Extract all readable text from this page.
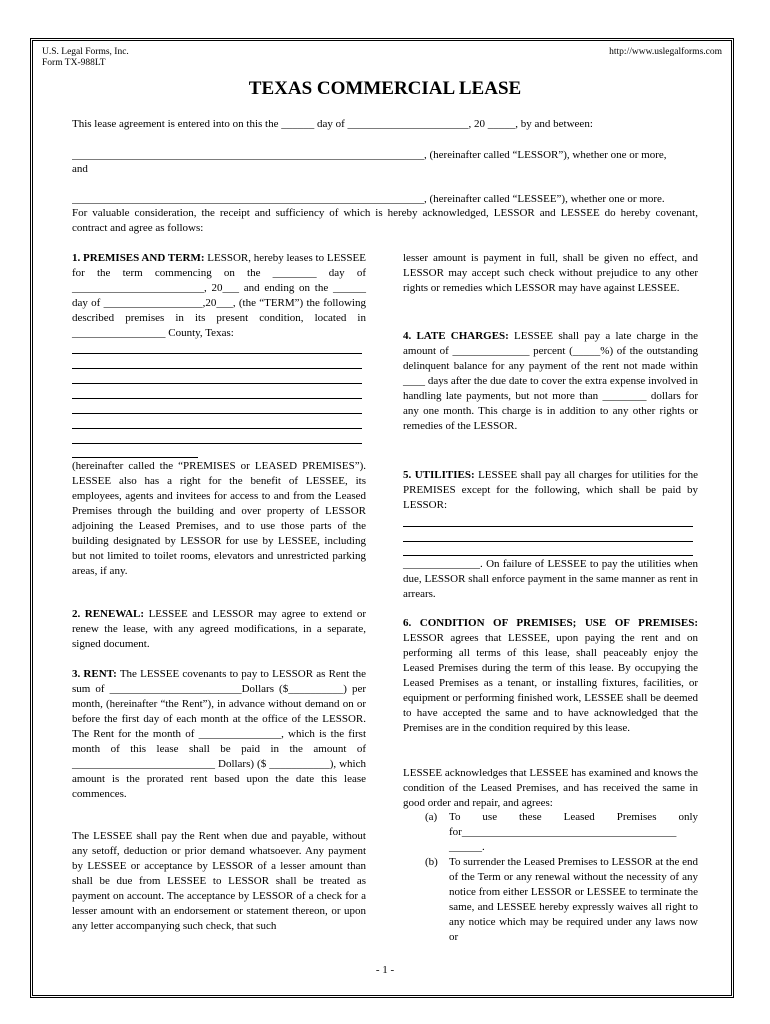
U.S. Legal Forms, Inc.
Form TX-988LT
http://www.uslegalforms.com
TEXAS COMMERCIAL LEASE

This lease agreement is entered into on this the ______ day of ______________________, 20 _____, by and between:

________________________________________________________________, (hereinafter called “LESSOR”), whether one or more,

and

________________________________________________________________, (hereinafter called “LESSEE”), whether one or more.

For valuable consideration, the receipt and sufficiency of which is hereby acknowledged, LESSOR and LESSEE do hereby covenant, contract and agree as follows:

1. PREMISES AND TERM: LESSOR, hereby leases to LESSEE for the term commencing on the ________ day of ________________________, 20___ and ending on the ______ day of __________________,20___, (the “TERM”) the following described premises in its present condition, located in _________________ County, Texas:

(hereinafter called the “PREMISES or LEASED PREMISES”). LESSEE also has a right for the benefit of LESSEE, its employees, agents and invitees for access to and from the Leased Premises through the building and over property of LESSOR adjoining the Leased Premises, and to use those parts of the building designated by LESSOR for use by LESSEE, including but not limited to toilet rooms, elevators and unrestricted parking areas, if any.

2. RENEWAL: LESSEE and LESSOR may agree to extend or renew the lease, with any agreed modifications, in a separate, signed document.

3. RENT: The LESSEE covenants to pay to LESSOR as Rent the sum of ________________________Dollars ($__________) per month, (hereinafter “the Rent”), in advance without demand on or before the first day of each month at the office of the LESSOR. The Rent for the month of _______________, which is the first month of this lease shall be paid in the amount of __________________________ Dollars) ($ ___________), which amount is the prorated rent based upon the date this lease commences.

The LESSEE shall pay the Rent when due and payable, without any setoff, deduction or prior demand whatsoever. Any payment by LESSEE or acceptance by LESSOR of a lesser amount than shall be due from LESSEE to LESSOR shall be treated as payment on account. The acceptance by LESSOR of a check for a lesser amount with an endorsement or statement thereon, or upon any letter accompanying such check, that such

lesser amount is payment in full, shall be given no effect, and LESSOR may accept such check without prejudice to any other rights or remedies which LESSOR may have against LESSEE.

4. LATE CHARGES: LESSEE shall pay a late charge in the amount of ______________ percent (_____%) of the outstanding delinquent balance for any payment of the rent not made within ____ days after the due date to cover the extra expense involved in handling late payments, but not more than ________ dollars for any one month. This charge is in addition to any other rights or remedies of the LESSOR.

5. UTILITIES: LESSEE shall pay all charges for utilities for the PREMISES except for the following, which shall be paid by LESSOR:

______________. On failure of LESSEE to pay the utilities when due, LESSOR shall enforce payment in the same manner as rent in arrears.

6. CONDITION OF PREMISES; USE OF PREMISES: LESSOR agrees that LESSEE, upon paying the rent and on performing all terms of this lease, shall peaceably enjoy the Leased Premises during the term of this lease. By occupying the Leased Premises as a tenant, or installing fixtures, facilities, or equipment or performing finished work, LESSEE shall be deemed to have accepted the same and to have acknowledged that the Premises are in the condition required by this lease.

LESSEE acknowledges that LESSEE has examined and knows the condition of the Leased Premises, and has received the same in good order and repair, and agrees:

(a) To use these Leased Premises only for_______________________________________ ______.

(b) To surrender the Leased Premises to LESSOR at the end of the Term or any renewal without the necessity of any notice from either LESSOR or LESSEE to terminate the same, and LESSEE hereby expressly waives all right to any notice which may be required under any laws now or

- 1 -
